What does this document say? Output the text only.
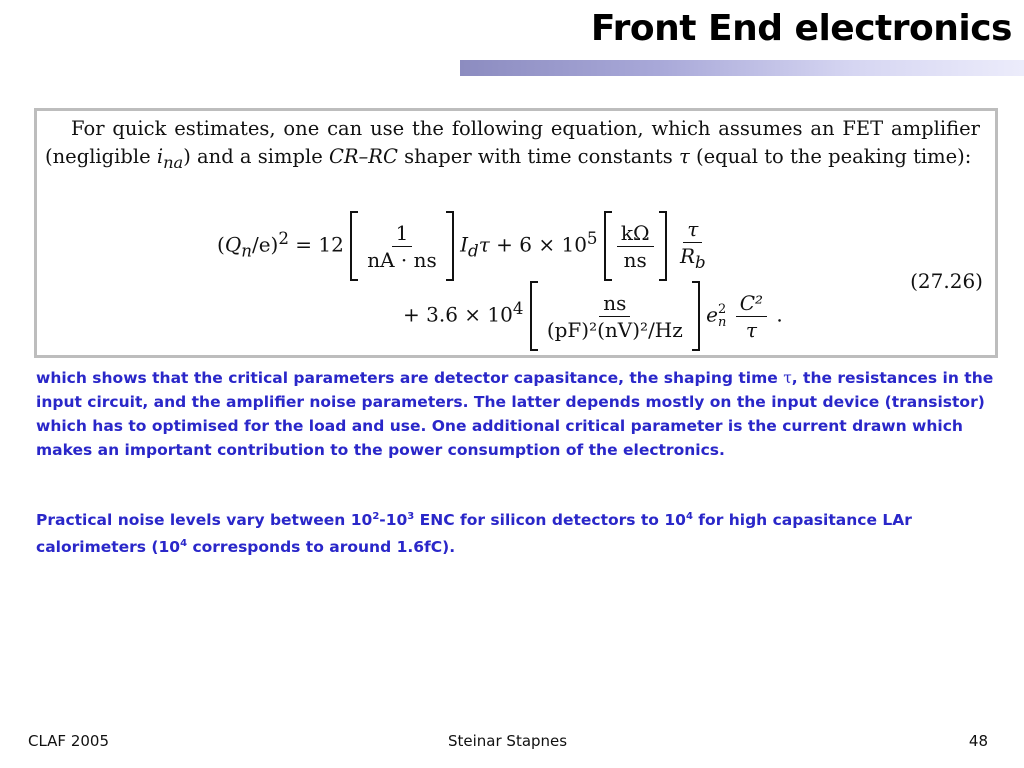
Front End electronics
For quick estimates, one can use the following equation, which assumes an FET amplifier (negligible $i_{na}$) and a simple CR–RC shaper with time constants τ (equal to the peaking time):
$(Q_n/e)^2 = 12 \frac{1}{nA \cdot ns} I_d\tau + 6 \times 10^5 \frac{k\Omega}{ns}$
$\frac{\tau}{R_b}$
+ $3.6 \times 10^4 \frac{ns}{\text{(pF)²(nV)²/Hz}}$ e 2
n
$\frac{\text{C²}}{\tau}$ .
(27.26)
which shows that the critical parameters are detector capasitance, the shaping time τ, the resistances in the input circuit, and the amplifier noise parameters. The latter depends mostly on the input device (transistor) which has to optimised for the load and use. One additional critical parameter is the current drawn which makes an important contribution to the power consumption of the electronics.
Practical noise levels vary between $10^2-10^3$ ENC for silicon detectors to $10^4$ for high capasitance LAr calorimeters ($10^4$ corresponds to around 1.6fC).
CLAF 2005	Steinar Stapnes	48
